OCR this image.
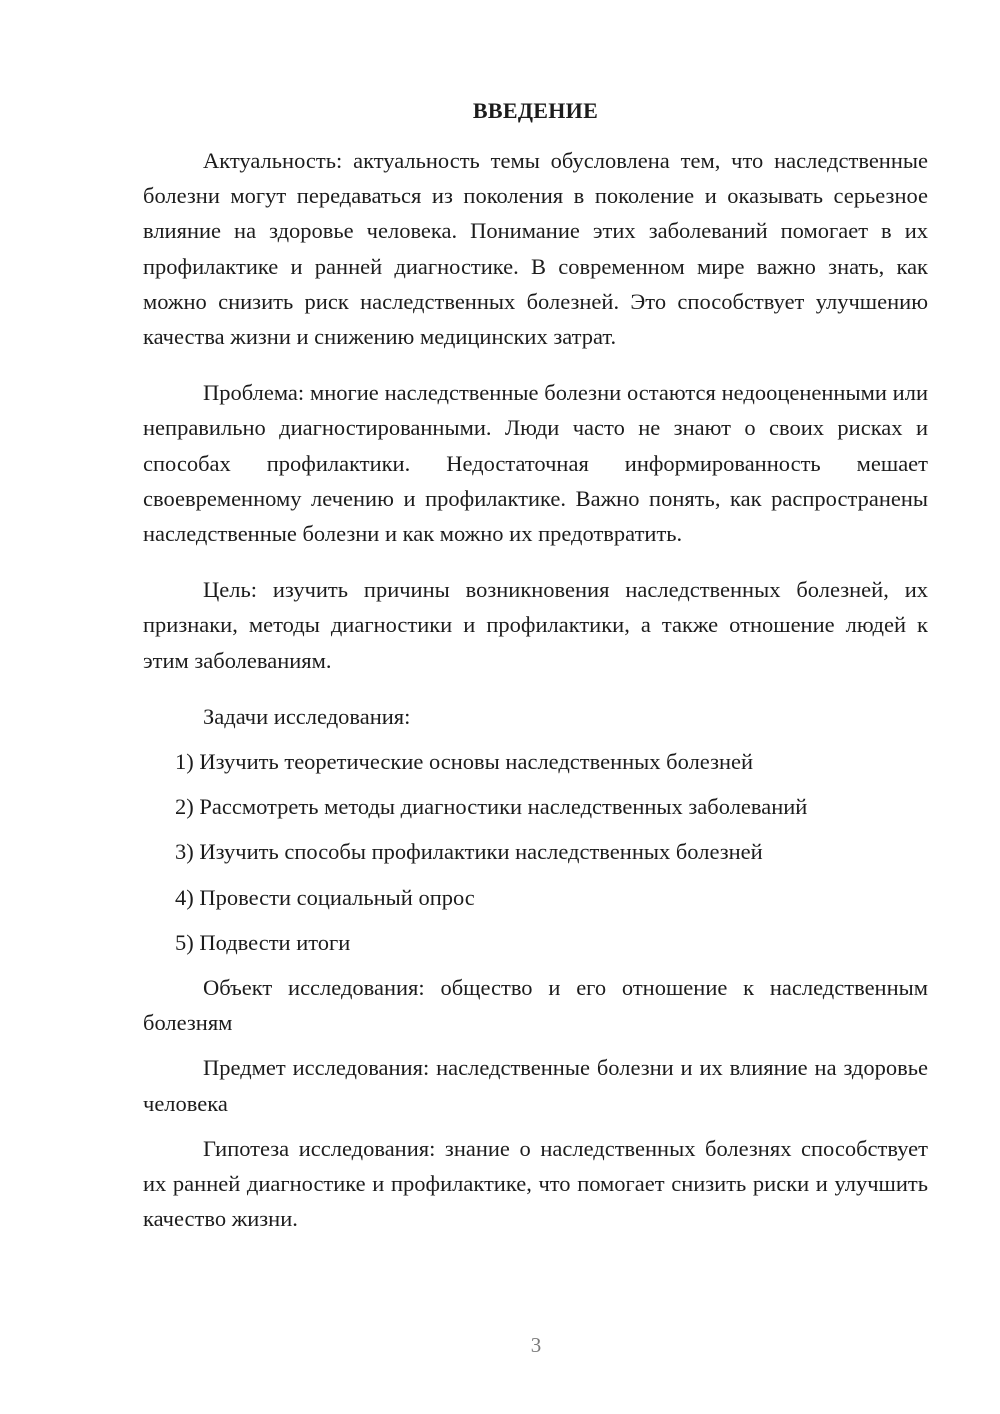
ВВЕДЕНИЕ

Актуальность: актуальность темы обусловлена тем, что наследственные болезни могут передаваться из поколения в поколение и оказывать серьезное влияние на здоровье человека. Понимание этих заболеваний помогает в их профилактике и ранней диагностике. В современном мире важно знать, как можно снизить риск наследственных болезней. Это способствует улучшению качества жизни и снижению медицинских затрат.

Проблема: многие наследственные болезни остаются недооцененными или неправильно диагностированными. Люди часто не знают о своих рисках и способах профилактики. Недостаточная информированность мешает своевременному лечению и профилактике. Важно понять, как распространены наследственные болезни и как можно их предотвратить.

Цель: изучить причины возникновения наследственных болезней, их признаки, методы диагностики и профилактики, а также отношение людей к этим заболеваниям.

Задачи исследования:

1) Изучить теоретические основы наследственных болезней
2) Рассмотреть методы диагностики наследственных заболеваний
3) Изучить способы профилактики наследственных болезней
4) Провести социальный опрос
5) Подвести итоги

Объект исследования: общество и его отношение к наследственным болезням

Предмет исследования: наследственные болезни и их влияние на здоровье человека

Гипотеза исследования: знание о наследственных болезнях способствует их ранней диагностике и профилактике, что помогает снизить риски и улучшить качество жизни.

3
